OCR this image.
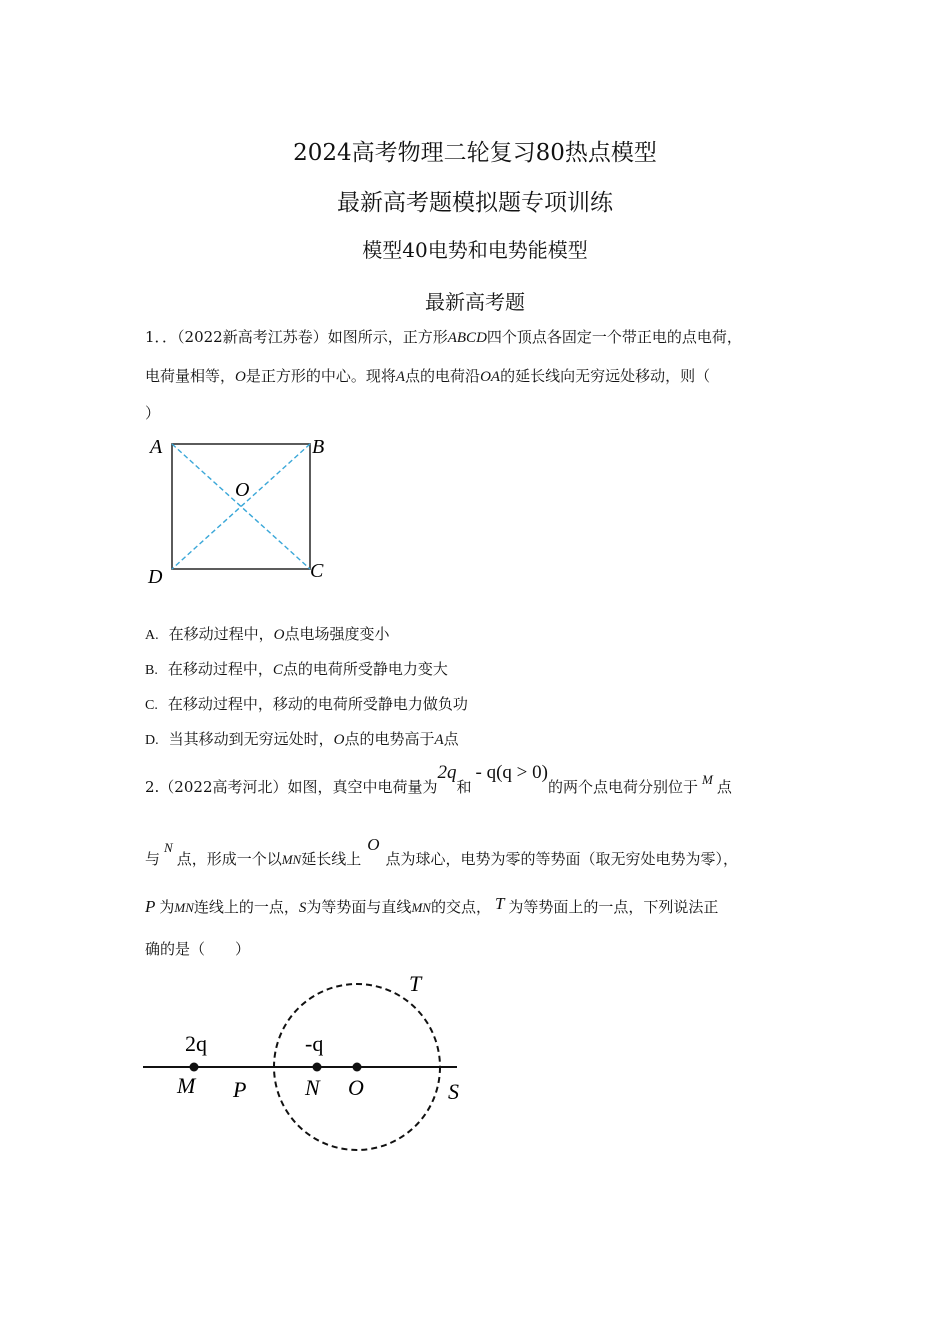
2024高考物理二轮复习80热点模型
最新高考题模拟题专项训练
模型40电势和电势能模型
最新高考题
1．．（2022新高考江苏卷）如图所示，正方形ABCD四个顶点各固定一个带正电的点电荷，
电荷量相等，O是正方形的中心。现将A点的电荷沿OA的延长线向无穷远处移动，则（
）
A	B
O
C
D
A. 在移动过程中，O点电场强度变小
B. 在移动过程中，C点的电荷所受静电力变大
C. 在移动过程中，移动的电荷所受静电力做负功
D. 当其移动到无穷远处时，O点的电势高于A点
2.（2022高考河北）如图，真空中电荷量为2q和- q(q > 0)的两个点电荷分别位于 M 点
与N点，形成一个以MN延长线上O点为球心，电势为零的等势面（取无穷处电势为零），
P 为MN连线上的一点，S为等势面与直线MN的交点， T 为等势面上的一点，下列说法正
确的是（　　）
2q	-q
M P	N O	S
T
